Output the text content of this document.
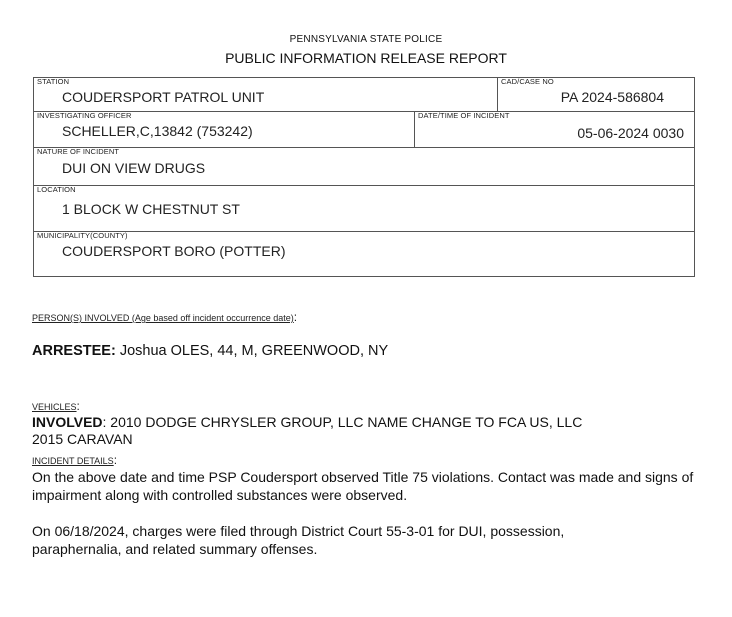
PENNSYLVANIA STATE POLICE
PUBLIC INFORMATION RELEASE REPORT
STATION
COUDERSPORT PATROL UNIT
CAD/CASE NO
PA 2024-586804
INVESTIGATING OFFICER
SCHELLER,C,13842 (753242)
DATE/TIME OF INCIDENT
05-06-2024 0030
NATURE OF INCIDENT
DUI ON VIEW DRUGS
LOCATION
1 BLOCK W CHESTNUT ST
MUNICIPALITY(COUNTY)
COUDERSPORT BORO (POTTER)
PERSON(S) INVOLVED (Age based off incident occurrence date):
ARRESTEE: Joshua OLES, 44, M, GREENWOOD, NY
VEHICLES:
INVOLVED: 2010 DODGE CHRYSLER GROUP, LLC NAME CHANGE TO FCA US, LLC
2015 CARAVAN
INCIDENT DETAILS:
On the above date and time PSP Coudersport observed Title 75 violations. Contact was made and signs of impairment along with controlled substances were observed.
On 06/18/2024, charges were filed through District Court 55-3-01 for DUI, possession, paraphernalia, and related summary offenses.
